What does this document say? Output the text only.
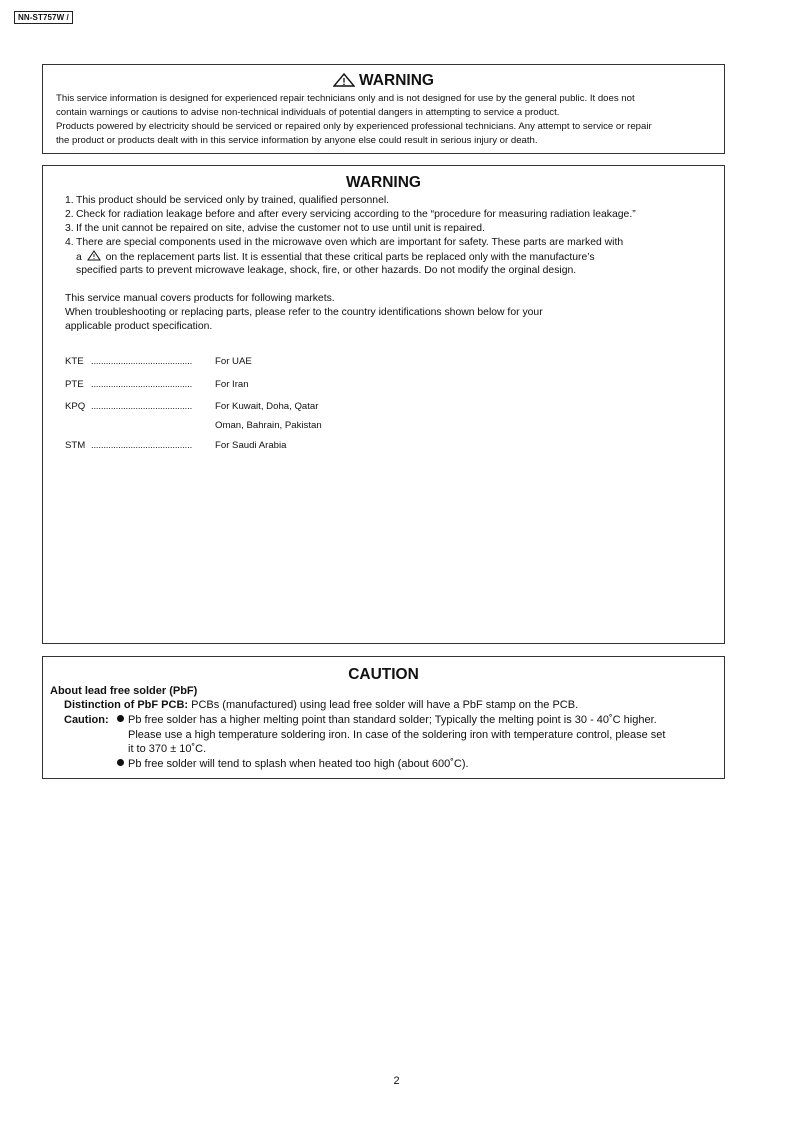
NN-ST757W /
WARNING
This service information is designed for experienced repair technicians only and is not designed for use by the general public. It does not
contain warnings or cautions to advise non-technical individuals of potential dangers in attempting to service a product.
Products powered by electricity should be serviced or repaired only by experienced professional technicians. Any attempt to service or repair
the product or products dealt with in this service information by anyone else could result in serious injury or death.
WARNING
1. This product should be serviced only by trained, qualified personnel.
2. Check for radiation leakage before and after every servicing according to the “procedure for measuring radiation leakage.”
3. If the unit cannot be repaired on site, advise the customer not to use until unit is repaired.
4. There are special components used in the microwave oven which are important for safety. These parts are marked with
a on the replacement parts list. It is essential that these critical parts be replaced only with the manufacture’s
specified parts to prevent microwave leakage, shock, fire, or other hazards. Do not modify the orginal design.
This service manual covers products for following markets.
When troubleshooting or replacing parts, please refer to the country identifications shown below for your
applicable product specification.
KTE ......................................... For UAE
PTE ......................................... For Iran
KPQ ......................................... For Kuwait, Doha, Qatar
Oman, Bahrain, Pakistan
STM ......................................... For Saudi Arabia
CAUTION
About lead free solder (PbF)
Distinction of PbF PCB: PCBs (manufactured) using lead free solder will have a PbF stamp on the PCB.
Caution:	Pb free solder has a higher melting point than standard solder; Typically the melting point is 30 - 40˚C higher.
Please use a high temperature soldering iron. In case of the soldering iron with temperature control, please set
it to 370 ± 10˚C.
Pb free solder will tend to splash when heated too high (about 600˚C).
2
